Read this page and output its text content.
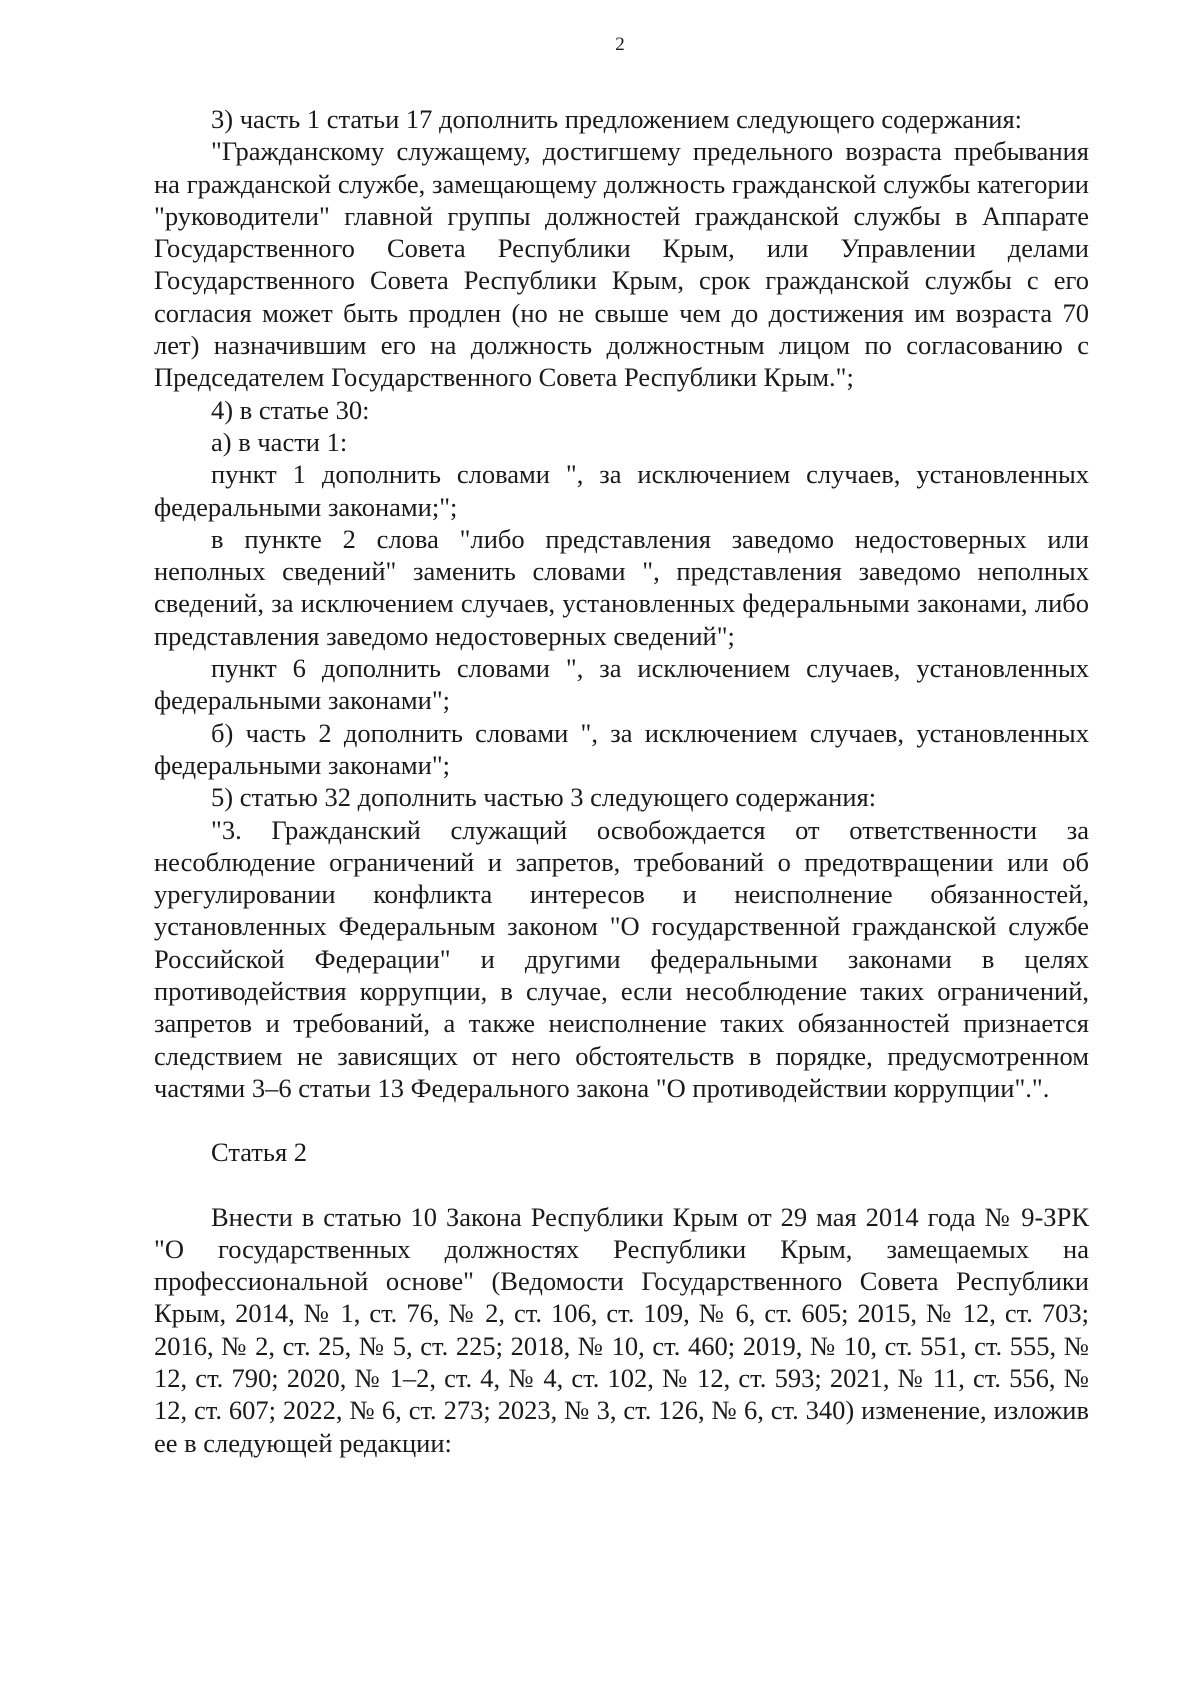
2

3) часть 1 статьи 17 дополнить предложением следующего содержания:

"Гражданскому служащему, достигшему предельного возраста пребывания на гражданской службе, замещающему должность гражданской службы категории "руководители" главной группы должностей гражданской службы в Аппарате Государственного Совета Республики Крым, или Управлении делами Государственного Совета Республики Крым, срок гражданской службы с его согласия может быть продлен (но не свыше чем до достижения им возраста 70 лет) назначившим его на должность должностным лицом по согласованию с Председателем Государственного Совета Республики Крым.";

4) в статье 30:

а) в части 1:

пункт 1 дополнить словами ", за исключением случаев, установленных федеральными законами;";

в пункте 2 слова "либо представления заведомо недостоверных или неполных сведений" заменить словами ", представления заведомо неполных сведений, за исключением случаев, установленных федеральными законами, либо представления заведомо недостоверных сведений";

пункт 6 дополнить словами ", за исключением случаев, установленных федеральными законами";

б) часть 2 дополнить словами ", за исключением случаев, установленных федеральными законами";

5) статью 32 дополнить частью 3 следующего содержания:

"3. Гражданский служащий освобождается от ответственности за несоблюдение ограничений и запретов, требований о предотвращении или об урегулировании конфликта интересов и неисполнение обязанностей, установленных Федеральным законом "О государственной гражданской службе Российской Федерации" и другими федеральными законами в целях противодействия коррупции, в случае, если несоблюдение таких ограничений, запретов и требований, а также неисполнение таких обязанностей признается следствием не зависящих от него обстоятельств в порядке, предусмотренном частями 3–6 статьи 13 Федерального закона "О противодействии коррупции".".

Статья 2

Внести в статью 10 Закона Республики Крым от 29 мая 2014 года № 9-ЗРК "О государственных должностях Республики Крым, замещаемых на профессиональной основе" (Ведомости Государственного Совета Республики Крым, 2014, № 1, ст. 76, № 2, ст. 106, ст. 109, № 6, ст. 605; 2015, № 12, ст. 703; 2016, № 2, ст. 25, № 5, ст. 225; 2018, № 10, ст. 460; 2019, № 10, ст. 551, ст. 555, № 12, ст. 790; 2020, № 1–2, ст. 4, № 4, ст. 102, № 12, ст. 593; 2021, № 11, ст. 556, № 12, ст. 607; 2022, № 6, ст. 273; 2023, № 3, ст. 126, № 6, ст. 340) изменение, изложив ее в следующей редакции:
